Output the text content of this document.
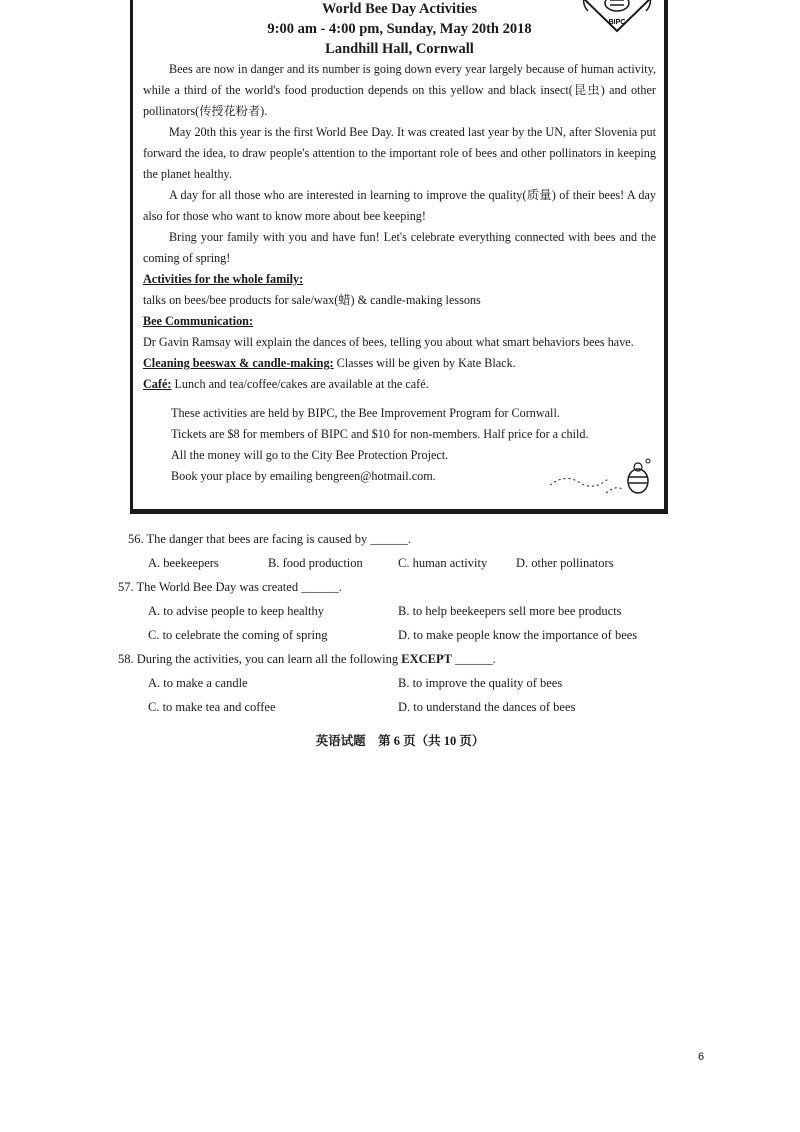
BIPC
World Bee Day Activities
9:00 am - 4:00 pm, Sunday, May 20th 2018
Landhill Hall, Cornwall

Bees are now in danger and its number is going down every year largely because of human activity, while a third of the world's food production depends on this yellow and black insect(昆虫) and other pollinators(传授花粉者).

May 20th this year is the first World Bee Day. It was created last year by the UN, after Slovenia put forward the idea, to draw people's attention to the important role of bees and other pollinators in keeping the planet healthy.

A day for all those who are interested in learning to improve the quality(质量) of their bees! A day also for those who want to know more about bee keeping!

Bring your family with you and have fun! Let's celebrate everything connected with bees and the coming of spring!

Activities for the whole family:

talks on bees/bee products for sale/wax(蜡) & candle-making lessons

Bee Communication:

Dr Gavin Ramsay will explain the dances of bees, telling you about what smart behaviors bees have.

Cleaning beeswax & candle-making: Classes will be given by Kate Black.

Café: Lunch and tea/coffee/cakes are available at the café.

These activities are held by BIPC, the Bee Improvement Program for Cornwall.

Tickets are $8 for members of BIPC and $10 for non-members. Half price for a child.

All the money will go to the City Bee Protection Project.

Book your place by emailing bengreen@hotmail.com.

56. The danger that bees are facing is caused by ______.
A. beekeepers	B. food production	C. human activity	D. other pollinators
57. The World Bee Day was created ______.
A. to advise people to keep healthy	B. to help beekeepers sell more bee products
C. to celebrate the coming of spring	D. to make people know the importance of bees
58. During the activities, you can learn all the following EXCEPT ______.
A. to make a candle	B. to improve the quality of bees
C. to make tea and coffee	D. to understand the dances of bees
英语试题　第 6 页（共 10 页）
6
